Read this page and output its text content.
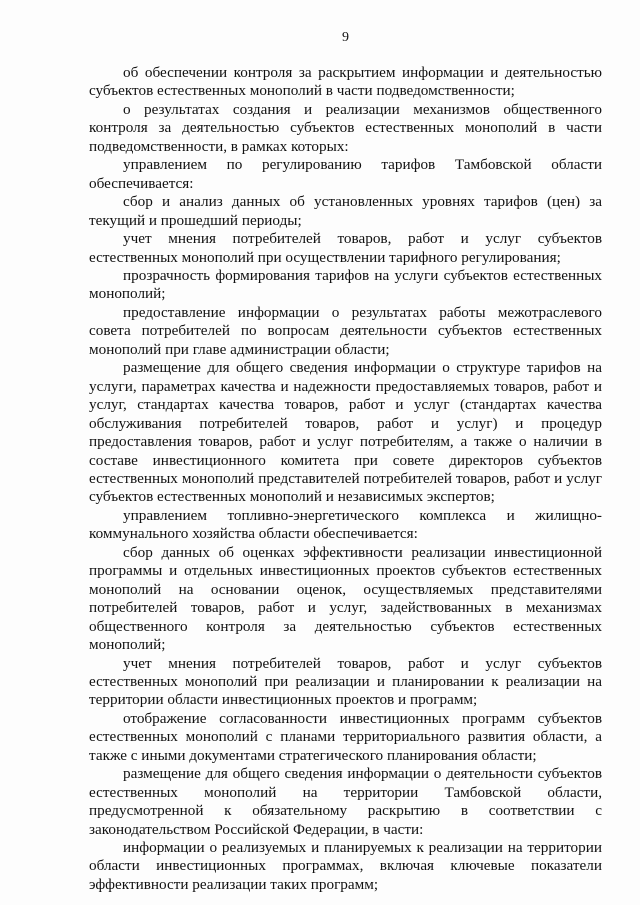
9

об обеспечении контроля за раскрытием информации и деятельностью субъектов естественных монополий в части подведомственности;

о результатах создания и реализации механизмов общественного контроля за деятельностью субъектов естественных монополий в части подведомственности, в рамках которых:

управлением по регулированию тарифов Тамбовской области обеспечивается:

сбор и анализ данных об установленных уровнях тарифов (цен) за текущий и прошедший периоды;

учет мнения потребителей товаров, работ и услуг субъектов естественных монополий при осуществлении тарифного регулирования;

прозрачность формирования тарифов на услуги субъектов естественных монополий;

предоставление информации о результатах работы межотраслевого совета потребителей по вопросам деятельности субъектов естественных монополий при главе администрации области;

размещение для общего сведения информации о структуре тарифов на услуги, параметрах качества и надежности предоставляемых товаров, работ и услуг, стандартах качества товаров, работ и услуг (стандартах качества обслуживания потребителей товаров, работ и услуг) и процедур предоставления товаров, работ и услуг потребителям, а также о наличии в составе инвестиционного комитета при совете директоров субъектов естественных монополий представителей потребителей товаров, работ и услуг субъектов естественных монополий и независимых экспертов;

управлением топливно-энергетического комплекса и жилищно-коммунального хозяйства области обеспечивается:

сбор данных об оценках эффективности реализации инвестиционной программы и отдельных инвестиционных проектов субъектов естественных монополий на основании оценок, осуществляемых представителями потребителей товаров, работ и услуг, задействованных в механизмах общественного контроля за деятельностью субъектов естественных монополий;

учет мнения потребителей товаров, работ и услуг субъектов естественных монополий при реализации и планировании к реализации на территории области инвестиционных проектов и программ;

отображение согласованности инвестиционных программ субъектов естественных монополий с планами территориального развития области, а также с иными документами стратегического планирования области;

размещение для общего сведения информации о деятельности субъектов естественных монополий на территории Тамбовской области, предусмотренной к обязательному раскрытию в соответствии с законодательством Российской Федерации, в части:

информации о реализуемых и планируемых к реализации на территории области инвестиционных программах, включая ключевые показатели эффективности реализации таких программ;
